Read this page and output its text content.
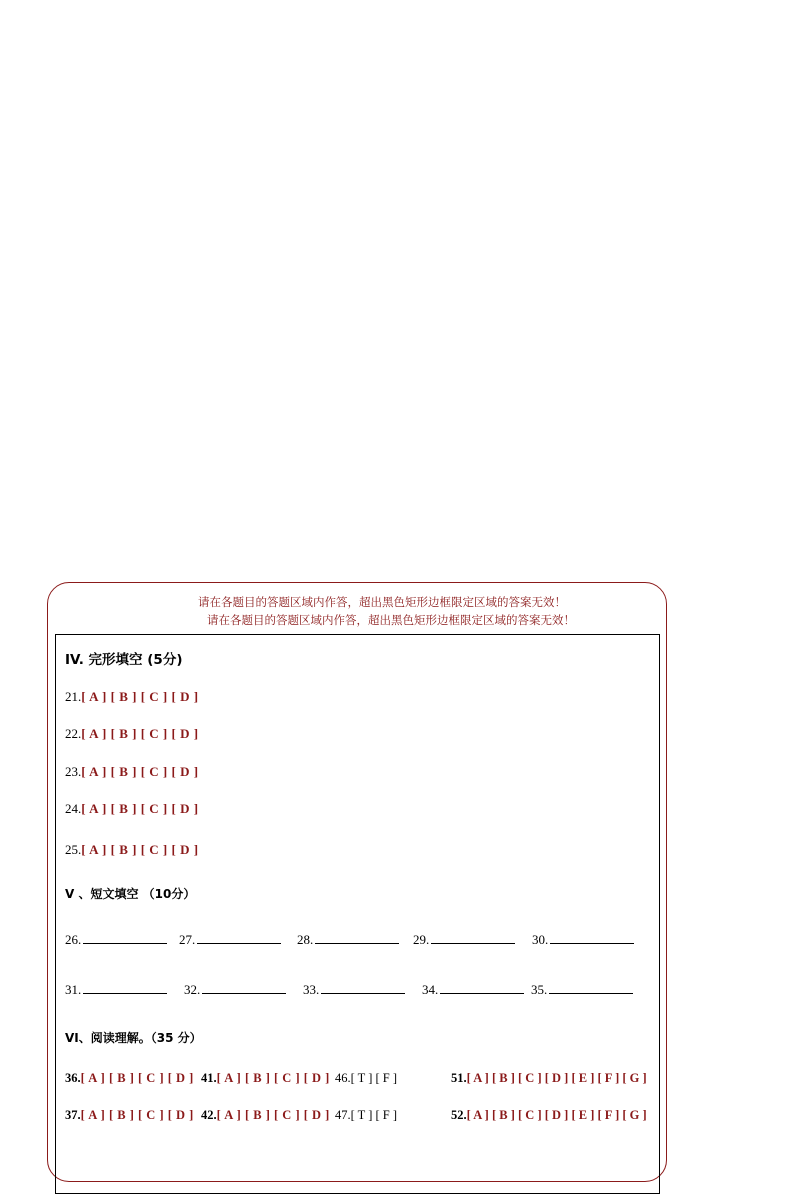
请在各题目的答题区域内作答，超出黑色矩形边框限定区域的答案无效！
请在各题目的答题区域内作答，超出黑色矩形边框限定区域的答案无效！
IV. 完形填空 (5分)
21.[ A ] [ B ] [ C ] [ D ]
22.[ A ] [ B ] [ C ] [ D ]
23.[ A ] [ B ] [ C ] [ D ]
24.[ A ] [ B ] [ C ] [ D ]
25.[ A ] [ B ] [ C ] [ D ]
V 、短文填空 （10分）
26.	27.	28.	29.	30.
31.	32.	33.	34.	35.
VI、阅读理解。（35 分）
36.[ A ] [ B ] [ C ] [ D ] 41.[ A ] [ B ] [ C ] [ D ] 46.[ T ] [ F ]	51.[ A ] [ B ] [ C ] [ D ] [ E ] [ F ] [ G ]
37.[ A ] [ B ] [ C ] [ D ] 42.[ A ] [ B ] [ C ] [ D ] 47.[ T ] [ F ]	52.[ A ] [ B ] [ C ] [ D ] [ E ] [ F ] [ G ]
